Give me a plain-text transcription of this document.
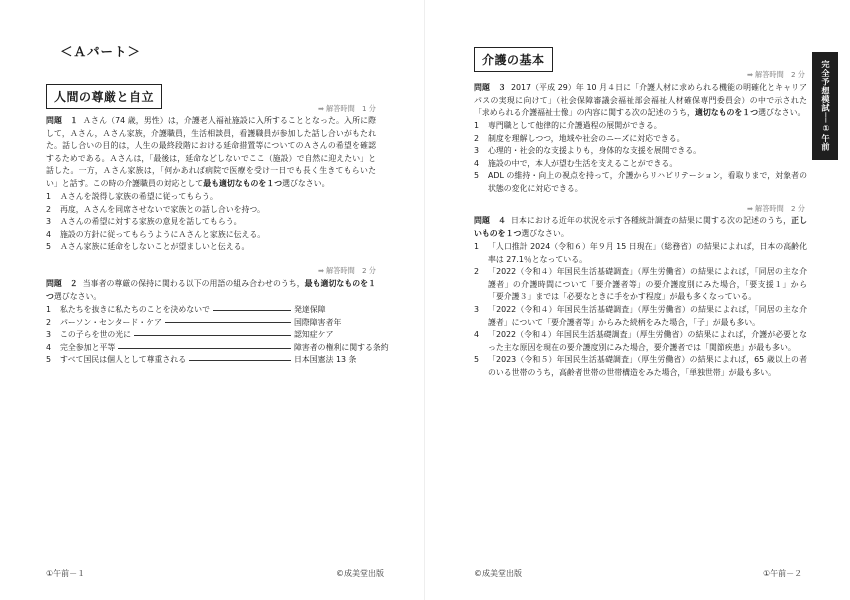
＜Ａパート＞
人間の尊厳と自立
➡ 解答時間　1 分
問題　１ Ａさん（74 歳，男性）は，介護老人福祉施設に入所することとなった。入所に際して，Ａさん，Ａさん家族，介護職員，生活相談員，看護職員が参加した話し合いがもたれた。話し合いの目的は，人生の最終段階における延命措置等についてのＡさんの希望を確認するためである。Ａさんは，「最後は，延命などしないでここ（施設）で自然に迎えたい」と話した。一方，Ａさん家族は，「何かあれば病院で医療を受け一日でも長く生きてもらいたい」と話す。この時の介護職員の対応として最も適切なものを１つ選びなさい。
1	Ａさんを説得し家族の希望に従ってもらう。
2	再度，Ａさんを同席させないで家族との話し合いを持つ。
3	Ａさんの希望に対する家族の意見を話してもらう。
4	施設の方針に従ってもらうようにＡさんと家族に伝える。
5	Ａさん家族に延命をしないことが望ましいと伝える。
➡ 解答時間　2 分
問題　２ 当事者の尊厳の保持に関わる以下の用語の組み合わせのうち，最も適切なものを１つ選びなさい。
1	私たちを抜きに私たちのことを決めないで	発達保障
2	パーソン・センタード・ケア	国際障害者年
3	この子らを世の光に	認知症ケア
4	完全参加と平等	障害者の権利に関する条約
5	すべて国民は個人として尊重される	日本国憲法 13 条
①午前－１	©成美堂出版
介護の基本
➡ 解答時間　2 分
問題　３ 2017（平成 29）年 10 月４日に「介護人材に求められる機能の明確化とキャリアパスの実現に向けて」（社会保障審議会福祉部会福祉人材確保専門委員会）の中で示された「求められる介護福祉士像」の内容に関する次の記述のうち，適切なものを１つ選びなさい。
1	専門職として他律的に介護過程の展開ができる。
2	制度を理解しつつ，地域や社会のニーズに対応できる。
3	心理的・社会的な支援よりも，身体的な支援を展開できる。
4	施設の中で，本人が望む生活を支えることができる。
5	ADL の維持・向上の視点を持って，介護からリハビリテーション，看取りまで，対象者の状態の変化に対応できる。
➡ 解答時間　2 分
問題　４ 日本における近年の状況を示す各種統計調査の結果に関する次の記述のうち，正しいものを１つ選びなさい。
1	「人口推計 2024（令和６）年９月 15 日現在」（総務省）の結果によれば，日本の高齢化率は 27.1％となっている。
2	「2022（令和４）年国民生活基礎調査」（厚生労働省）の結果によれば，「同居の主な介護者」の介護時間について「要介護者等」の要介護度別にみた場合，「要支援１」から「要介護３」までは「必要なときに手をかす程度」が最も多くなっている。
3	「2022（令和４）年国民生活基礎調査」（厚生労働省）の結果によれば，「同居の主な介護者」について「要介護者等」からみた続柄をみた場合，「子」が最も多い。
4	「2022（令和４）年国民生活基礎調査」（厚生労働省）の結果によれば，介護が必要となった主な原因を現在の要介護度別にみた場合，要介護者では「関節疾患」が最も多い。
5	「2023（令和５）年国民生活基礎調査」（厚生労働省）の結果によれば，65 歳以上の者のいる世帯のうち，高齢者世帯の世帯構造をみた場合，「単独世帯」が最も多い。
©成美堂出版	①午前－２
完全予想模試──①午前
